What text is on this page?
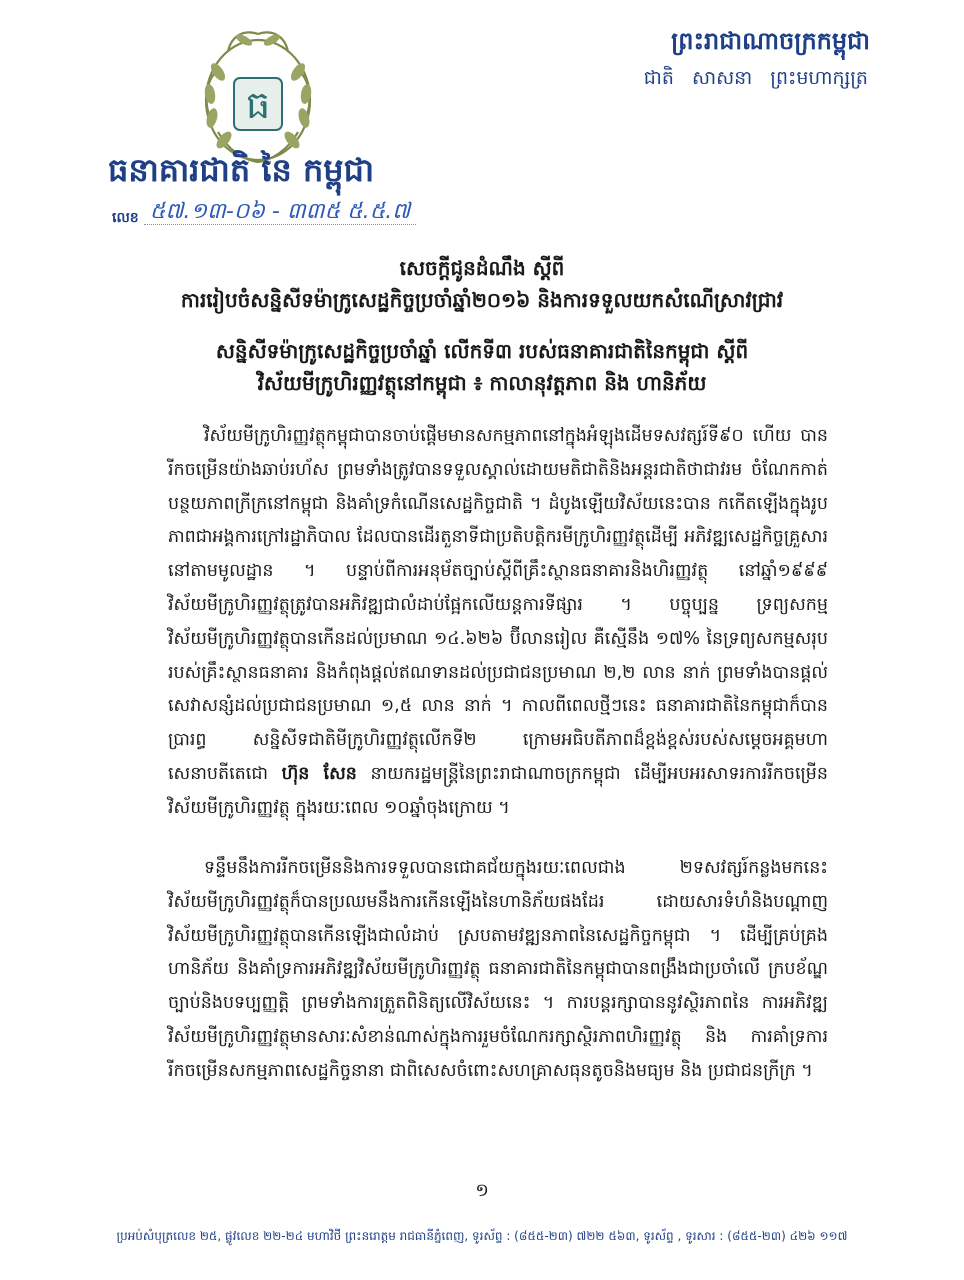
ធ
ធនាគារជាតិ នៃ កម្ពុជា
លេខ ៥៧.១៣-០៦ - ៣៣៥ ៥.៥.៧
ព្រះរាជាណាចក្រកម្ពុជា
ជាតិ សាសនា ព្រះមហាក្សត្រ
សេចក្តីជូនដំណឹង ស្តីពី
ការរៀបចំសន្និសីទម៉ាក្រូសេដ្ឋកិច្ចប្រចាំឆ្នាំ២០១៦ និងការទទួលយកសំណើស្រាវជ្រាវ
សន្និសីទម៉ាក្រូសេដ្ឋកិច្ចប្រចាំឆ្នាំ លើកទី៣ របស់ធនាគារជាតិនៃកម្ពុជា ស្តីពី
វិស័យមីក្រូហិរញ្ញវត្ថុនៅកម្ពុជា ៖ កាលានុវត្តភាព និង ហានិភ័យ
វិស័យមីក្រូហិរញ្ញវត្ថុកម្ពុជាបានចាប់ផ្តើមមានសកម្មភាពនៅក្នុងអំឡុងដើមទសវត្សរ៍ទី៩០ ហើយ បានរីកចម្រើនយ៉ាងឆាប់រហ័ស ព្រមទាំងត្រូវបានទទួលស្គាល់ដោយមតិជាតិនិងអន្តរជាតិថាជាវរម ចំណែកកាត់បន្ថយភាពក្រីក្រនៅកម្ពុជា និងគាំទ្រកំណើនសេដ្ឋកិច្ចជាតិ ។ ដំបូងឡើយវិស័យនេះបាន កកើតឡើងក្នុងរូបភាពជាអង្គការក្រៅរដ្ឋាភិបាល ដែលបានដើរតួនាទីជាប្រតិបត្តិករមីក្រូហិរញ្ញវត្ថុដើម្បី អភិវឌ្ឍសេដ្ឋកិច្ចគ្រួសារនៅតាមមូលដ្ឋាន ។ បន្ទាប់ពីការអនុម័តច្បាប់ស្តីពីគ្រឹះស្ថានធនាគារនិងហិរញ្ញវត្ថុ នៅឆ្នាំ១៩៩៩ វិស័យមីក្រូហិរញ្ញវត្ថុត្រូវបានអភិវឌ្ឍជាលំដាប់ផ្អែកលើយន្តការទីផ្សារ ។ បច្ចុប្បន្ន ទ្រព្យសកម្ម វិស័យមីក្រូហិរញ្ញវត្ថុបានកើនដល់ប្រមាណ ១៤.៦២៦ ប៊ីលានរៀល គឺស្មើនឹង ១៧% នៃទ្រព្យសកម្មសរុប របស់គ្រឹះស្ថានធនាគារ និងកំពុងផ្តល់ឥណទានដល់ប្រជាជនប្រមាណ ២,២ លាន នាក់ ព្រមទាំងបានផ្តល់ សេវាសន្សំដល់ប្រជាជនប្រមាណ ១,៥ លាន នាក់ ។ កាលពីពេលថ្មីៗនេះ ធនាគារជាតិនៃកម្ពុជាក៏បានប្រារព្ធ សន្និសីទជាតិមីក្រូហិរញ្ញវត្ថុលើកទី២ ក្រោមអធិបតីភាពដ៏ខ្ពង់ខ្ពស់របស់សម្តេចអគ្គមហាសេនាបតីតេជោ ហ៊ុន សែន នាយករដ្ឋមន្ត្រីនៃព្រះរាជាណាចក្រកម្ពុជា ដើម្បីអបអរសាទរការរីកចម្រើនវិស័យមីក្រូហិរញ្ញវត្ថុ ក្នុងរយៈពេល ១០ឆ្នាំចុងក្រោយ ។
ទន្ទឹមនឹងការរីកចម្រើននិងការទទួលបានជោគជ័យក្នុងរយៈពេលជាង ២ទសវត្សរ៍កន្លងមកនេះ វិស័យមីក្រូហិរញ្ញវត្ថុក៏បានប្រឈមនឹងការកើនឡើងនៃហានិភ័យផងដែរ ដោយសារទំហំនិងបណ្តាញ វិស័យមីក្រូហិរញ្ញវត្ថុបានកើនឡើងជាលំដាប់ ស្របតាមវឌ្ឍនភាពនៃសេដ្ឋកិច្ចកម្ពុជា ។ ដើម្បីគ្រប់គ្រង ហានិភ័យ និងគាំទ្រការអភិវឌ្ឍវិស័យមីក្រូហិរញ្ញវត្ថុ ធនាគារជាតិនៃកម្ពុជាបានពង្រឹងជាប្រចាំលើ ក្របខ័ណ្ឌច្បាប់និងបទប្បញ្ញត្តិ ព្រមទាំងការត្រួតពិនិត្យលើវិស័យនេះ ។ ការបន្តរក្សាបាននូវស្ថិរភាពនៃ ការអភិវឌ្ឍវិស័យមីក្រូហិរញ្ញវត្ថុមានសារៈសំខាន់ណាស់ក្នុងការរួមចំណែករក្សាស្ថិរភាពហិរញ្ញវត្ថុ និង ការគាំទ្រការរីកចម្រើនសកម្មភាពសេដ្ឋកិច្ចនានា ជាពិសេសចំពោះសហគ្រាសធុនតូចនិងមធ្យម និង ប្រជាជនក្រីក្រ ។
១
ប្រអប់សំបុត្រលេខ ២៥, ផ្លូវលេខ ២២-២៤ មហាវិថី ព្រះនរោត្តម រាជធានីភ្នំពេញ, ទូរស័ព្ទ : (៨៥៥-២៣) ៧២២ ៥៦៣, ទូរស័ព្ទ , ទូរសារ : (៨៥៥-២៣) ៤២៦ ១១៧
